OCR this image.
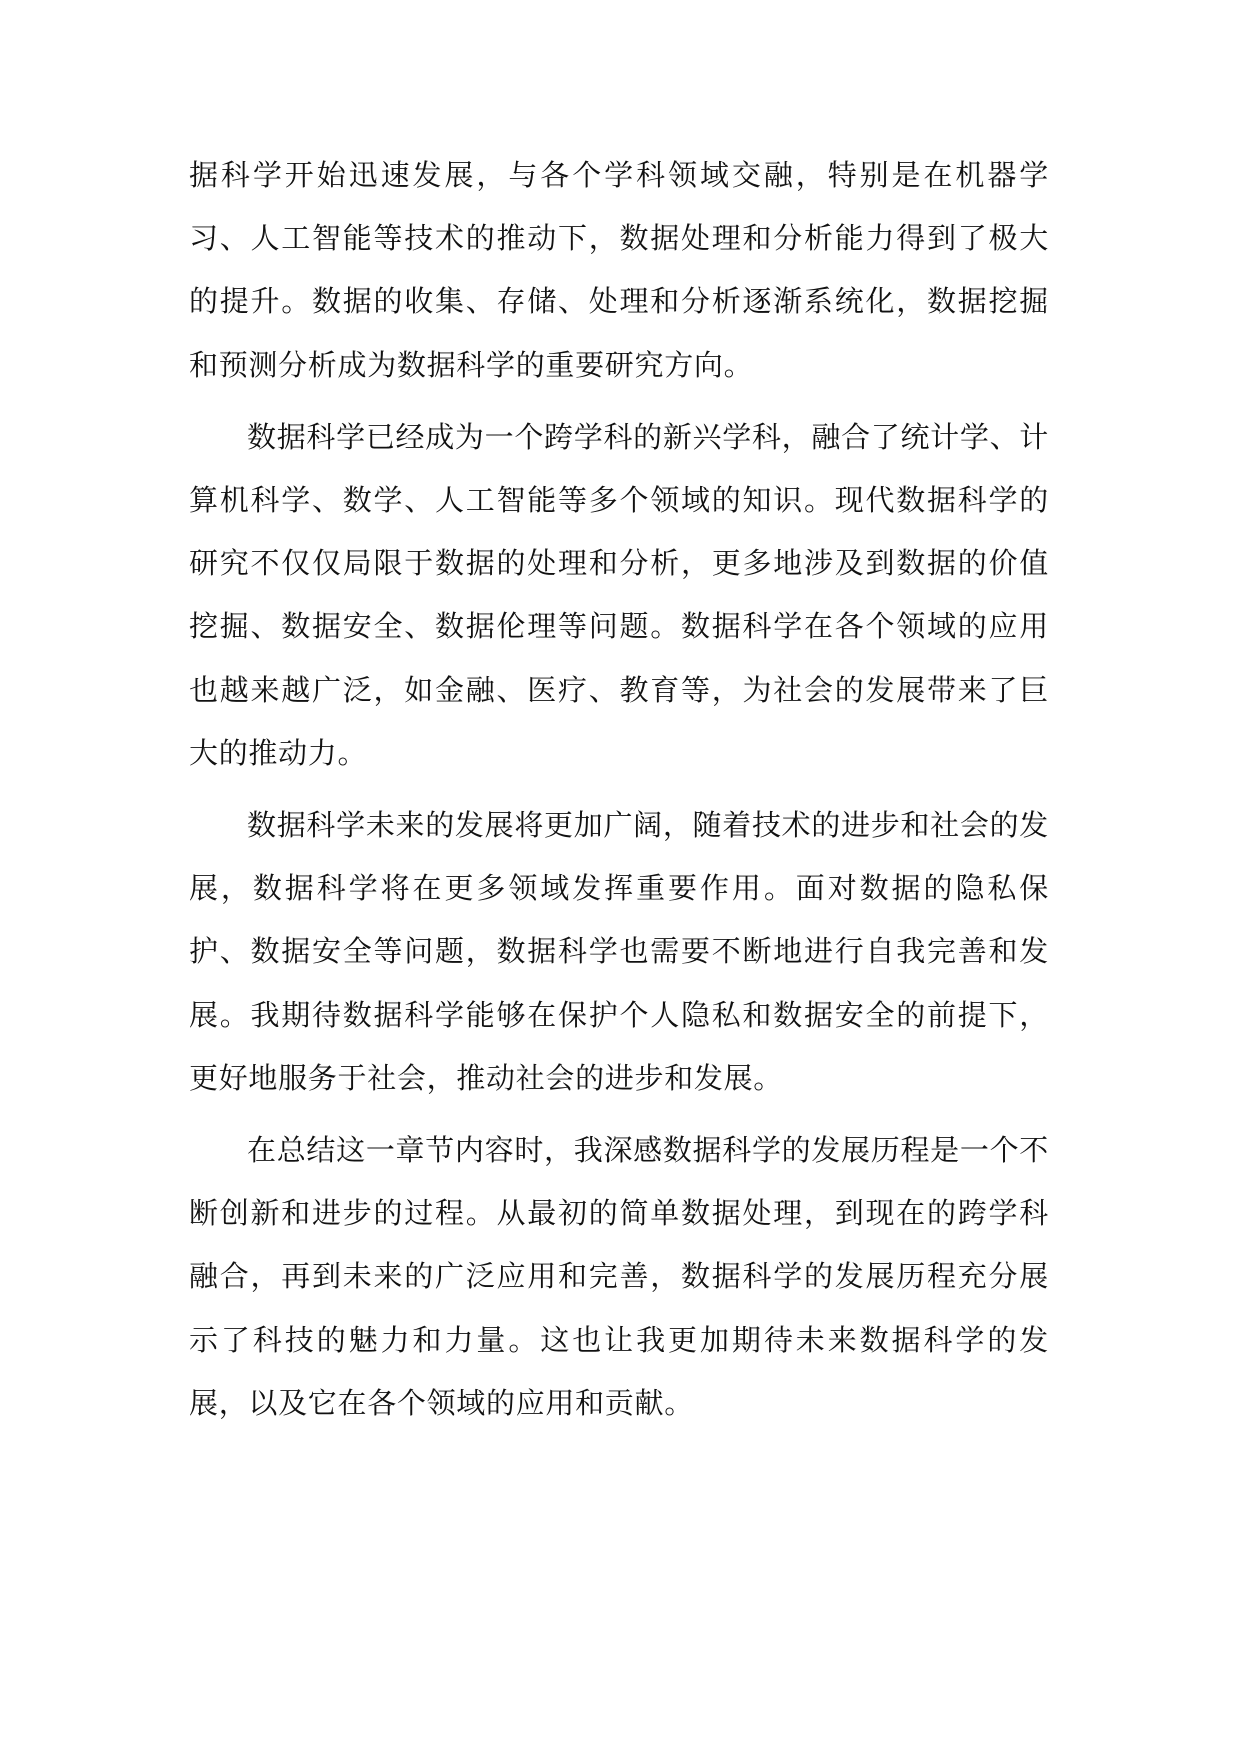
据科学开始迅速发展，与各个学科领域交融，特别是在机器学习、人工智能等技术的推动下，数据处理和分析能力得到了极大的提升。数据的收集、存储、处理和分析逐渐系统化，数据挖掘和预测分析成为数据科学的重要研究方向。

数据科学已经成为一个跨学科的新兴学科，融合了统计学、计算机科学、数学、人工智能等多个领域的知识。现代数据科学的研究不仅仅局限于数据的处理和分析，更多地涉及到数据的价值挖掘、数据安全、数据伦理等问题。数据科学在各个领域的应用也越来越广泛，如金融、医疗、教育等，为社会的发展带来了巨大的推动力。

数据科学未来的发展将更加广阔，随着技术的进步和社会的发展，数据科学将在更多领域发挥重要作用。面对数据的隐私保护、数据安全等问题，数据科学也需要不断地进行自我完善和发展。我期待数据科学能够在保护个人隐私和数据安全的前提下，更好地服务于社会，推动社会的进步和发展。

在总结这一章节内容时，我深感数据科学的发展历程是一个不断创新和进步的过程。从最初的简单数据处理，到现在的跨学科融合，再到未来的广泛应用和完善，数据科学的发展历程充分展示了科技的魅力和力量。这也让我更加期待未来数据科学的发展，以及它在各个领域的应用和贡献。
